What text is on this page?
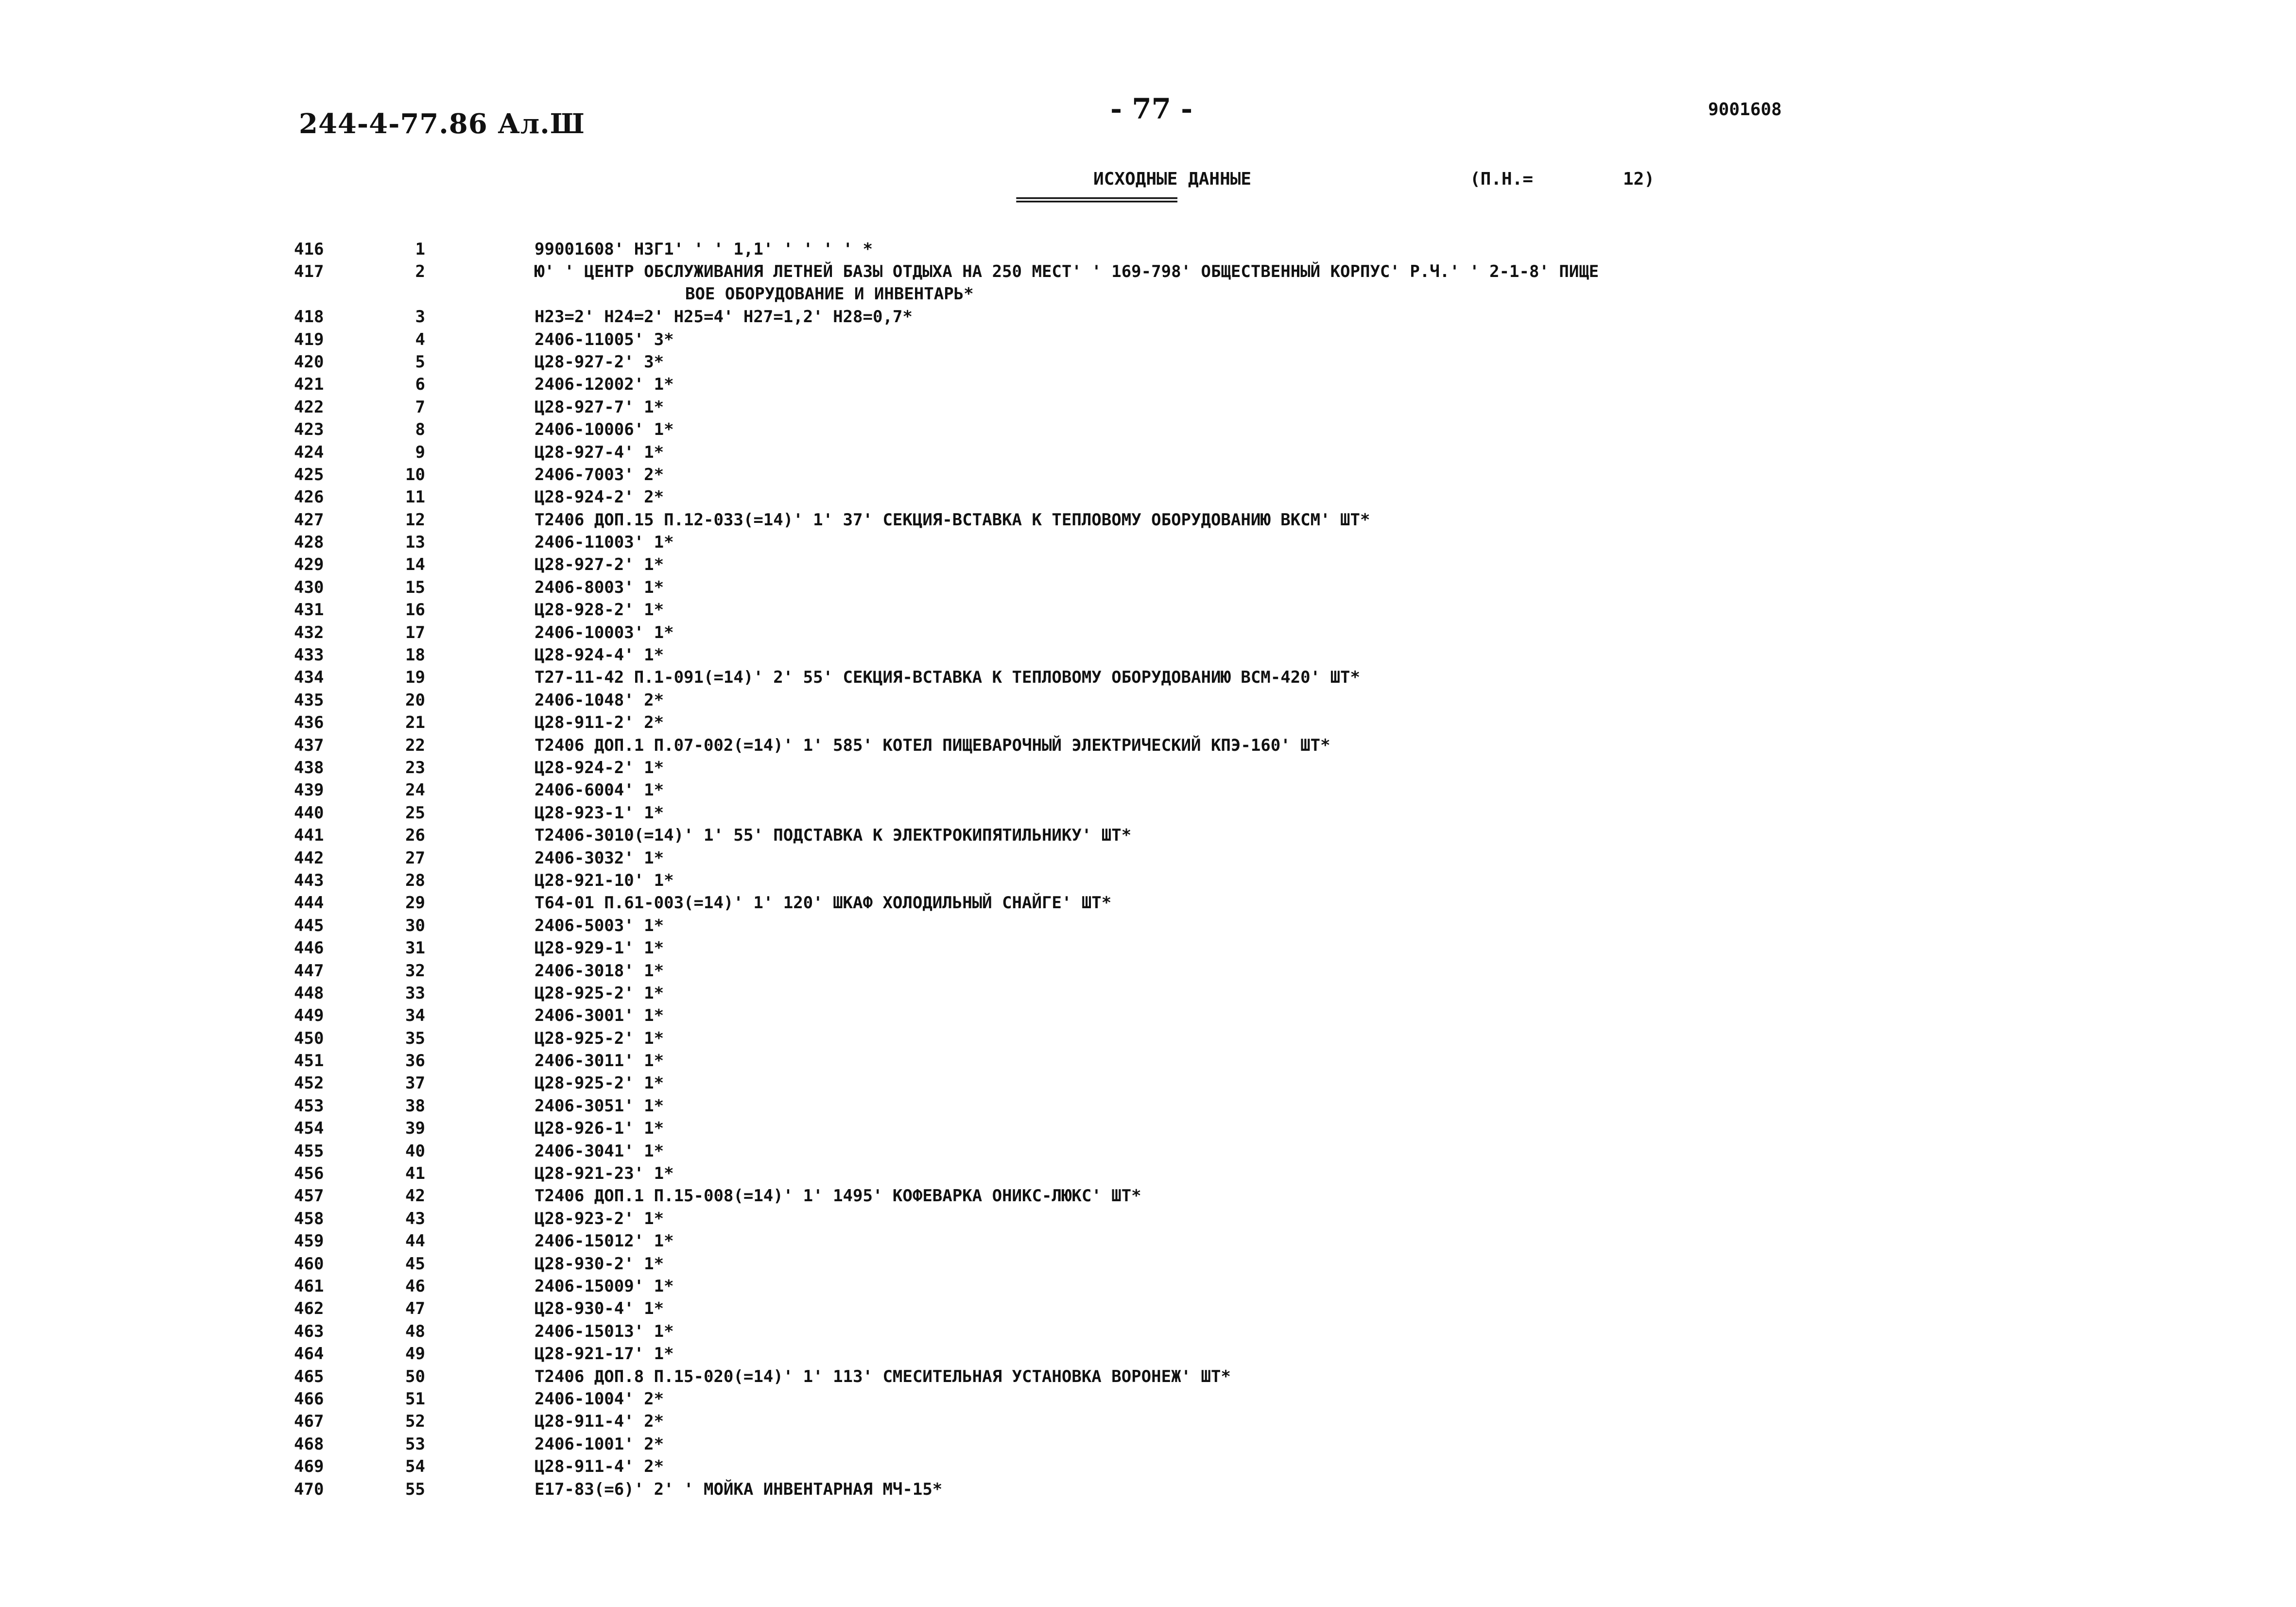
244-4-77.86 Ал.Ш	- 77 -	9001608
ИСХОДНЫЕ ДАННЫЕ
======================
(П.Н.=	12)
416	1	99001608' НЗГ1' ' ' 1,1' ' ' ' ' *
417	2	Ю' ' ЦЕНТР ОБСЛУЖИВАНИЯ ЛЕТНЕЙ БАЗЫ ОТДЫХА НА 250 МЕСТ' ' 169-798' ОБЩЕСТВЕННЫЙ КОРПУС' Р.Ч.' ' 2-1-8' ПИЩЕ
ВОЕ ОБОРУДОВАНИЕ И ИНВЕНТАРЬ*
418	3	Н23=2' Н24=2' Н25=4' Н27=1,2' Н28=0,7*
419	4	2406-11005' 3*
420	5	Ц28-927-2' 3*
421	6	2406-12002' 1*
422	7	Ц28-927-7' 1*
423	8	2406-10006' 1*
424	9	Ц28-927-4' 1*
425	10	2406-7003' 2*
426	11	Ц28-924-2' 2*
427	12	Т2406 ДОП.15 П.12-033(=14)' 1' 37' СЕКЦИЯ-ВСТАВКА К ТЕПЛОВОМУ ОБОРУДОВАНИЮ ВКСМ' ШТ*
428	13	2406-11003' 1*
429	14	Ц28-927-2' 1*
430	15	2406-8003' 1*
431	16	Ц28-928-2' 1*
432	17	2406-10003' 1*
433	18	Ц28-924-4' 1*
434	19	Т27-11-42 П.1-091(=14)' 2' 55' СЕКЦИЯ-ВСТАВКА К ТЕПЛОВОМУ ОБОРУДОВАНИЮ ВСМ-420' ШТ*
435	20	2406-1048' 2*
436	21	Ц28-911-2' 2*
437	22	Т2406 ДОП.1 П.07-002(=14)' 1' 585' КОТЕЛ ПИЩЕВАРОЧНЫЙ ЭЛЕКТРИЧЕСКИЙ КПЭ-160' ШТ*
438	23	Ц28-924-2' 1*
439	24	2406-6004' 1*
440	25	Ц28-923-1' 1*
441	26	Т2406-3010(=14)' 1' 55' ПОДСТАВКА К ЭЛЕКТРОКИПЯТИЛЬНИКУ' ШТ*
442	27	2406-3032' 1*
443	28	Ц28-921-10' 1*
444	29	Т64-01 П.61-003(=14)' 1' 120' ШКАФ ХОЛОДИЛЬНЫЙ СНАЙГЕ' ШТ*
445	30	2406-5003' 1*
446	31	Ц28-929-1' 1*
447	32	2406-3018' 1*
448	33	Ц28-925-2' 1*
449	34	2406-3001' 1*
450	35	Ц28-925-2' 1*
451	36	2406-3011' 1*
452	37	Ц28-925-2' 1*
453	38	2406-3051' 1*
454	39	Ц28-926-1' 1*
455	40	2406-3041' 1*
456	41	Ц28-921-23' 1*
457	42	Т2406 ДОП.1 П.15-008(=14)' 1' 1495' КОФЕВАРКА ОНИКС-ЛЮКС' ШТ*
458	43	Ц28-923-2' 1*
459	44	2406-15012' 1*
460	45	Ц28-930-2' 1*
461	46	2406-15009' 1*
462	47	Ц28-930-4' 1*
463	48	2406-15013' 1*
464	49	Ц28-921-17' 1*
465	50	Т2406 ДОП.8 П.15-020(=14)' 1' 113' СМЕСИТЕЛЬНАЯ УСТАНОВКА ВОРОНЕЖ' ШТ*
466	51	2406-1004' 2*
467	52	Ц28-911-4' 2*
468	53	2406-1001' 2*
469	54	Ц28-911-4' 2*
470	55	Е17-83(=6)' 2' ' МОЙКА ИНВЕНТАРНАЯ МЧ-15*
